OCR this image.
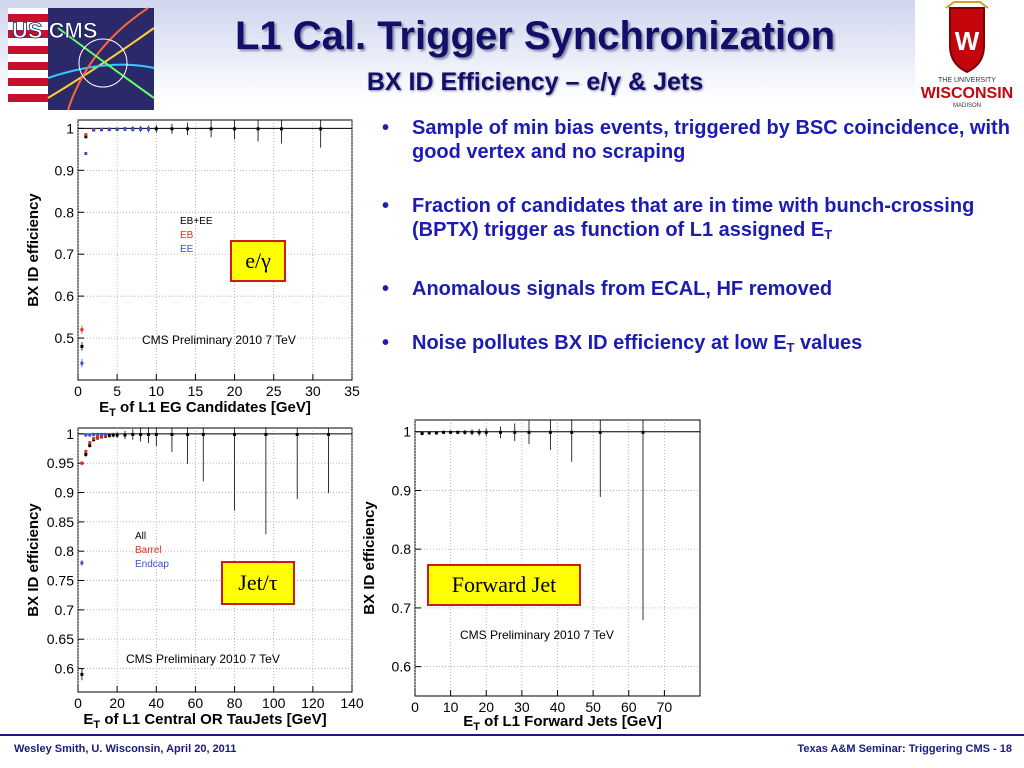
L1 Cal. Trigger Synchronization
BX ID Efficiency – e/γ & Jets
US CMS	W
THE UNIVERSITY
WISCONSIN
MADISON
• Sample of min bias events, triggered by BSC coincidence, with good vertex and no scraping
• Fraction of candidates that are in time with bunch-crossing (BPTX) trigger as function of L1 assigned $E_T$
• Anomalous signals from ECAL, HF removed
• Noise pollutes BX ID efficiency at low $E_T$ values
0.5
0.6
0.7
0.8
0.9
1
0 5 10 15 20 25 30 35
EB+EE
EB
EE
CMS Preliminary 2010 7 TeV
BX ID efficiency
$E_T$ of L1 EG Candidates [GeV]
e/γ
0.6
0.65
0.7
0.75
0.8
0.85
0.9
0.95
1
0 20 40 60 80 100 120 140
All
Barrel
Endcap
CMS Preliminary 2010 7 TeV
BX ID efficiency
$E_T$ of L1 Central OR TauJets [GeV]
Jet/τ
0.6
0.7
0.8
0.9
1
0 10 20 30 40 50 60 70
CMS Preliminary 2010 7 TeV
BX ID efficiency
$E_T$ of L1 Forward Jets [GeV]
Forward Jet
Wesley Smith, U. Wisconsin, April 20, 2011	Texas A&M Seminar: Triggering CMS - 18
